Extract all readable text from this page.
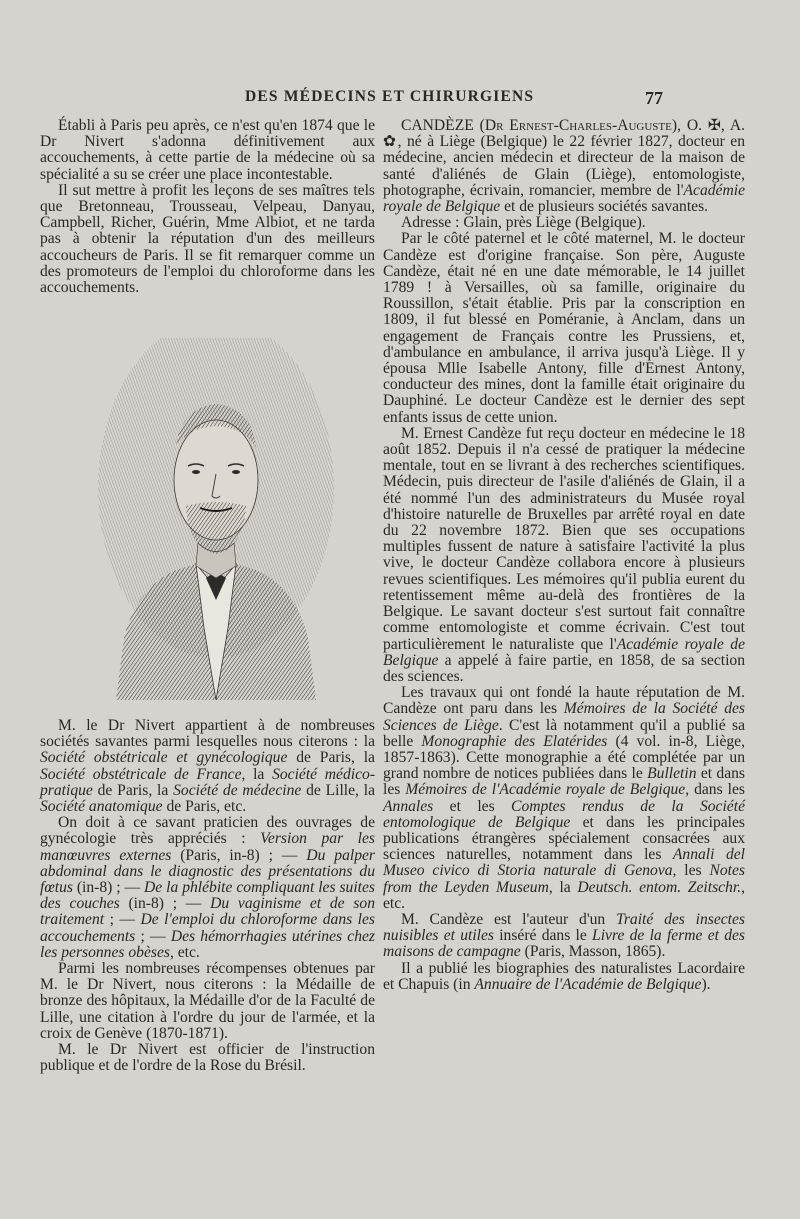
DES MÉDECINS ET CHIRURGIENS	77

Établi à Paris peu après, ce n'est qu'en 1874 que le Dr Nivert s'adonna définitivement aux accouchements, à cette partie de la médecine où sa spécialité a su se créer une place incontestable.

Il sut mettre à profit les leçons de ses maîtres tels que Bretonneau, Trousseau, Velpeau, Danyau, Campbell, Richer, Guérin, Mme Albiot, et ne tarda pas à obtenir la réputation d'un des meilleurs accoucheurs de Paris. Il se fit remarquer comme un des promoteurs de l'emploi du chloroforme dans les accouchements.

M. le Dr Nivert appartient à de nombreuses sociétés savantes parmi lesquelles nous citerons : la Société obstétricale et gynécologique de Paris, la Société obstétricale de France, la Société médico-pratique de Paris, la Société de médecine de Lille, la Société anatomique de Paris, etc.

On doit à ce savant praticien des ouvrages de gynécologie très appréciés : Version par les manœuvres externes (Paris, in-8) ; — Du palper abdominal dans le diagnostic des présentations du fœtus (in-8) ; — De la phlébite compliquant les suites des couches (in-8) ; — Du vaginisme et de son traitement ; — De l'emploi du chloroforme dans les accouchements ; — Des hémorrhagies utérines chez les personnes obèses, etc.

Parmi les nombreuses récompenses obtenues par M. le Dr Nivert, nous citerons : la Médaille de bronze des hôpitaux, la Médaille d'or de la Faculté de Lille, une citation à l'ordre du jour de l'armée, et la croix de Genève (1870-1871).

M. le Dr Nivert est officier de l'instruction publique et de l'ordre de la Rose du Brésil.

CANDÈZE (Dr Ernest-Charles-Auguste), O. ✠, A. ✿, né à Liège (Belgique) le 22 février 1827, docteur en médecine, ancien médecin et directeur de la maison de santé d'aliénés de Glain (Liège), entomologiste, photographe, écrivain, romancier, membre de l'Académie royale de Belgique et de plusieurs sociétés savantes.

Adresse : Glain, près Liège (Belgique).

Par le côté paternel et le côté maternel, M. le docteur Candèze est d'origine française. Son père, Auguste Candèze, était né en une date mémorable, le 14 juillet 1789 ! à Versailles, où sa famille, originaire du Roussillon, s'était établie. Pris par la conscription en 1809, il fut blessé en Poméranie, à Anclam, dans un engagement de Français contre les Prussiens, et, d'ambulance en ambulance, il arriva jusqu'à Liège. Il y épousa Mlle Isabelle Antony, fille d'Ernest Antony, conducteur des mines, dont la famille était originaire du Dauphiné. Le docteur Candèze est le dernier des sept enfants issus de cette union.

M. Ernest Candèze fut reçu docteur en médecine le 18 août 1852. Depuis il n'a cessé de pratiquer la médecine mentale, tout en se livrant à des recherches scientifiques. Médecin, puis directeur de l'asile d'aliénés de Glain, il a été nommé l'un des administrateurs du Musée royal d'histoire naturelle de Bruxelles par arrêté royal en date du 22 novembre 1872. Bien que ses occupations multiples fussent de nature à satisfaire l'activité la plus vive, le docteur Candèze collabora encore à plusieurs revues scientifiques. Les mémoires qu'il publia eurent du retentissement même au-delà des frontières de la Belgique. Le savant docteur s'est surtout fait connaître comme entomologiste et comme écrivain. C'est tout particulièrement le naturaliste que l'Académie royale de Belgique a appelé à faire partie, en 1858, de sa section des sciences.

Les travaux qui ont fondé la haute réputation de M. Candèze ont paru dans les Mémoires de la Société des Sciences de Liège. C'est là notamment qu'il a publié sa belle Monographie des Elatérides (4 vol. in-8, Liège, 1857-1863). Cette monographie a été complétée par un grand nombre de notices publiées dans le Bulletin et dans les Mémoires de l'Académie royale de Belgique, dans les Annales et les Comptes rendus de la Société entomologique de Belgique et dans les principales publications étrangères spécialement consacrées aux sciences naturelles, notamment dans les Annali del Museo civico di Storia naturale di Genova, les Notes from the Leyden Museum, la Deutsch. entom. Zeitschr., etc.

M. Candèze est l'auteur d'un Traité des insectes nuisibles et utiles inséré dans le Livre de la ferme et des maisons de campagne (Paris, Masson, 1865).

Il a publié les biographies des naturalistes Lacordaire et Chapuis (in Annuaire de l'Académie de Belgique).
